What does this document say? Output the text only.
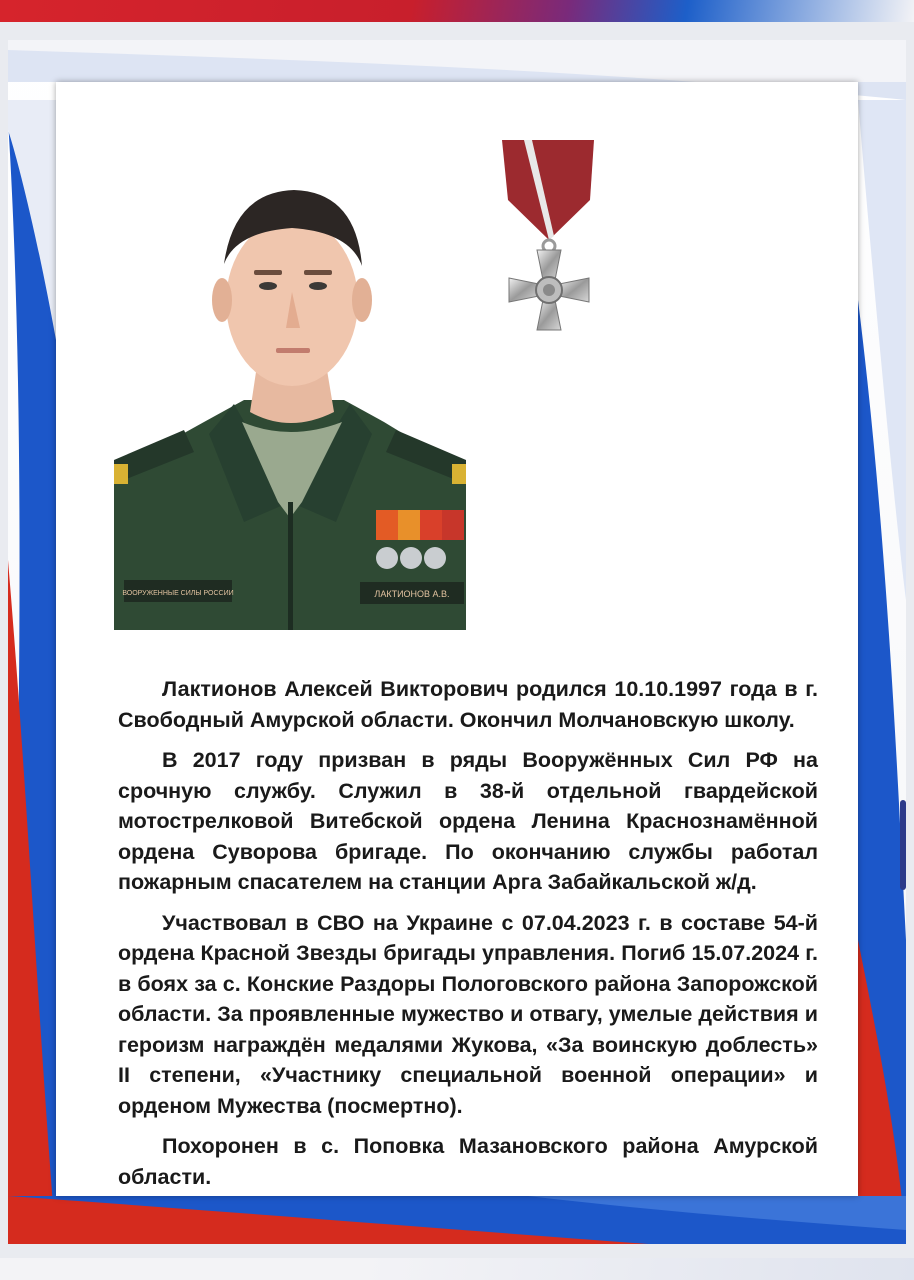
ВООРУЖЕННЫЕ СИЛЫ РОССИИ	ЛАКТИОНОВ А.В.

Лактионов Алексей Викторович родился 10.10.1997 года в г. Свободный Амурской области. Окончил Молчановскую школу.

В 2017 году призван в ряды Вооружённых Сил РФ на срочную службу. Служил в 38-й отдельной гвардейской мотострелковой Витебской ордена Ленина Краснознамённой ордена Суворова бригаде. По окончанию службы работал пожарным спасателем на станции Арга Забайкальской ж/д.

Участвовал в СВО на Украине с 07.04.2023 г. в составе 54-й ордена Красной Звезды бригады управления. Погиб 15.07.2024 г. в боях за с. Конские Раздоры Пологовского района Запорожской области. За проявленные мужество и отвагу, умелые действия и героизм награждён медалями Жукова, «За воинскую доблесть» II степени, «Участнику специальной военной операции» и орденом Мужества (посмертно).

Похоронен в с. Поповка Мазановского района Амурской области.
